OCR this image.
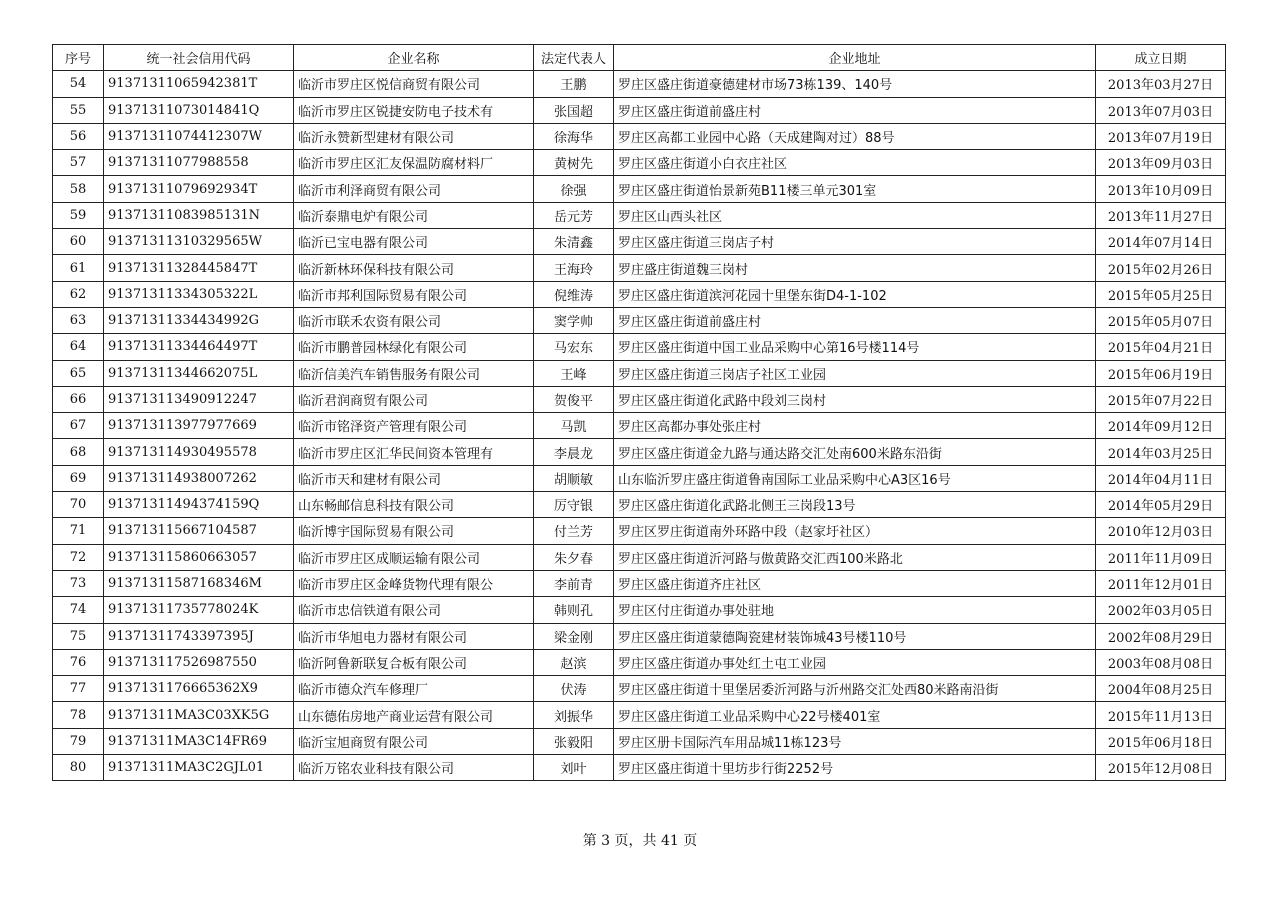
序号	统一社会信用代码	企业名称	法定代表人	企业地址	成立日期
54	91371311065942381T	临沂市罗庄区悦信商贸有限公司	王鹏	罗庄区盛庄街道豪德建材市场73栋139、140号	2013年03月27日
55	91371311073014841Q	临沂市罗庄区锐捷安防电子技术有	张国超	罗庄区盛庄街道前盛庄村	2013年07月03日
56	91371311074412307W	临沂永赞新型建材有限公司	徐海华	罗庄区高都工业园中心路（天成建陶对过）88号	2013年07月19日
57	91371311077988558	临沂市罗庄区汇友保温防腐材料厂	黄树先	罗庄区盛庄街道小白衣庄社区	2013年09月03日
58	91371311079692934T	临沂市利泽商贸有限公司	徐强	罗庄区盛庄街道怡景新苑B11楼三单元301室	2013年10月09日
59	91371311083985131N	临沂泰鼎电炉有限公司	岳元芳	罗庄区山西头社区	2013年11月27日
60	91371311310329565W	临沂已宝电器有限公司	朱清鑫	罗庄区盛庄街道三岗店子村	2014年07月14日
61	91371311328445847T	临沂新林环保科技有限公司	王海玲	罗庄盛庄街道魏三岗村	2015年02月26日
62	91371311334305322L	临沂市邦利国际贸易有限公司	倪维涛	罗庄区盛庄街道滨河花园十里堡东街D4-1-102	2015年05月25日
63	91371311334434992G	临沂市联禾农资有限公司	窦学帅	罗庄区盛庄街道前盛庄村	2015年05月07日
64	91371311334464497T	临沂市鹏普园林绿化有限公司	马宏东	罗庄区盛庄街道中国工业品采购中心第16号楼114号	2015年04月21日
65	91371311344662075L	临沂信美汽车销售服务有限公司	王峰	罗庄区盛庄街道三岗店子社区工业园	2015年06月19日
66	913713113490912247	临沂君润商贸有限公司	贺俊平	罗庄区盛庄街道化武路中段刘三岗村	2015年07月22日
67	913713113977977669	临沂市铭泽资产管理有限公司	马凯	罗庄区高都办事处张庄村	2014年09月12日
68	913713114930495578	临沂市罗庄区汇华民间资本管理有	李晨龙	罗庄区盛庄街道金九路与通达路交汇处南600米路东沿街	2014年03月25日
69	913713114938007262	临沂市天和建材有限公司	胡顺敏	山东临沂罗庄盛庄街道鲁南国际工业品采购中心A3区16号	2014年04月11日
70	91371311494374159Q	山东畅邮信息科技有限公司	厉守银	罗庄区盛庄街道化武路北侧王三岗段13号	2014年05月29日
71	913713115667104587	临沂博宇国际贸易有限公司	付兰芳	罗庄区罗庄街道南外环路中段（赵家圩社区）	2010年12月03日
72	913713115860663057	临沂市罗庄区成顺运输有限公司	朱夕春	罗庄区盛庄街道沂河路与傲黄路交汇西100米路北	2011年11月09日
73	91371311587168346M	临沂市罗庄区金峰货物代理有限公	李前青	罗庄区盛庄街道齐庄社区	2011年12月01日
74	91371311735778024K	临沂市忠信铁道有限公司	韩则孔	罗庄区付庄街道办事处驻地	2002年03月05日
75	91371311743397395J	临沂市华旭电力器材有限公司	梁金刚	罗庄区盛庄街道蒙德陶瓷建材装饰城43号楼110号	2002年08月29日
76	913713117526987550	临沂阿鲁新联复合板有限公司	赵滨	罗庄区盛庄街道办事处红土屯工业园	2003年08月08日
77	9137131176665362X9	临沂市德众汽车修理厂	伏涛	罗庄区盛庄街道十里堡居委沂河路与沂州路交汇处西80米路南沿街	2004年08月25日
78	91371311MA3C03XK5G	山东德佑房地产商业运营有限公司	刘振华	罗庄区盛庄街道工业品采购中心22号楼401室	2015年11月13日
79	91371311MA3C14FR69	临沂宝旭商贸有限公司	张毅阳	罗庄区册卡国际汽车用品城11栋123号	2015年06月18日
80	91371311MA3C2GJL01	临沂万铭农业科技有限公司	刘叶	罗庄区盛庄街道十里坊步行街2252号	2015年12月08日
第 3 页，共 41 页
